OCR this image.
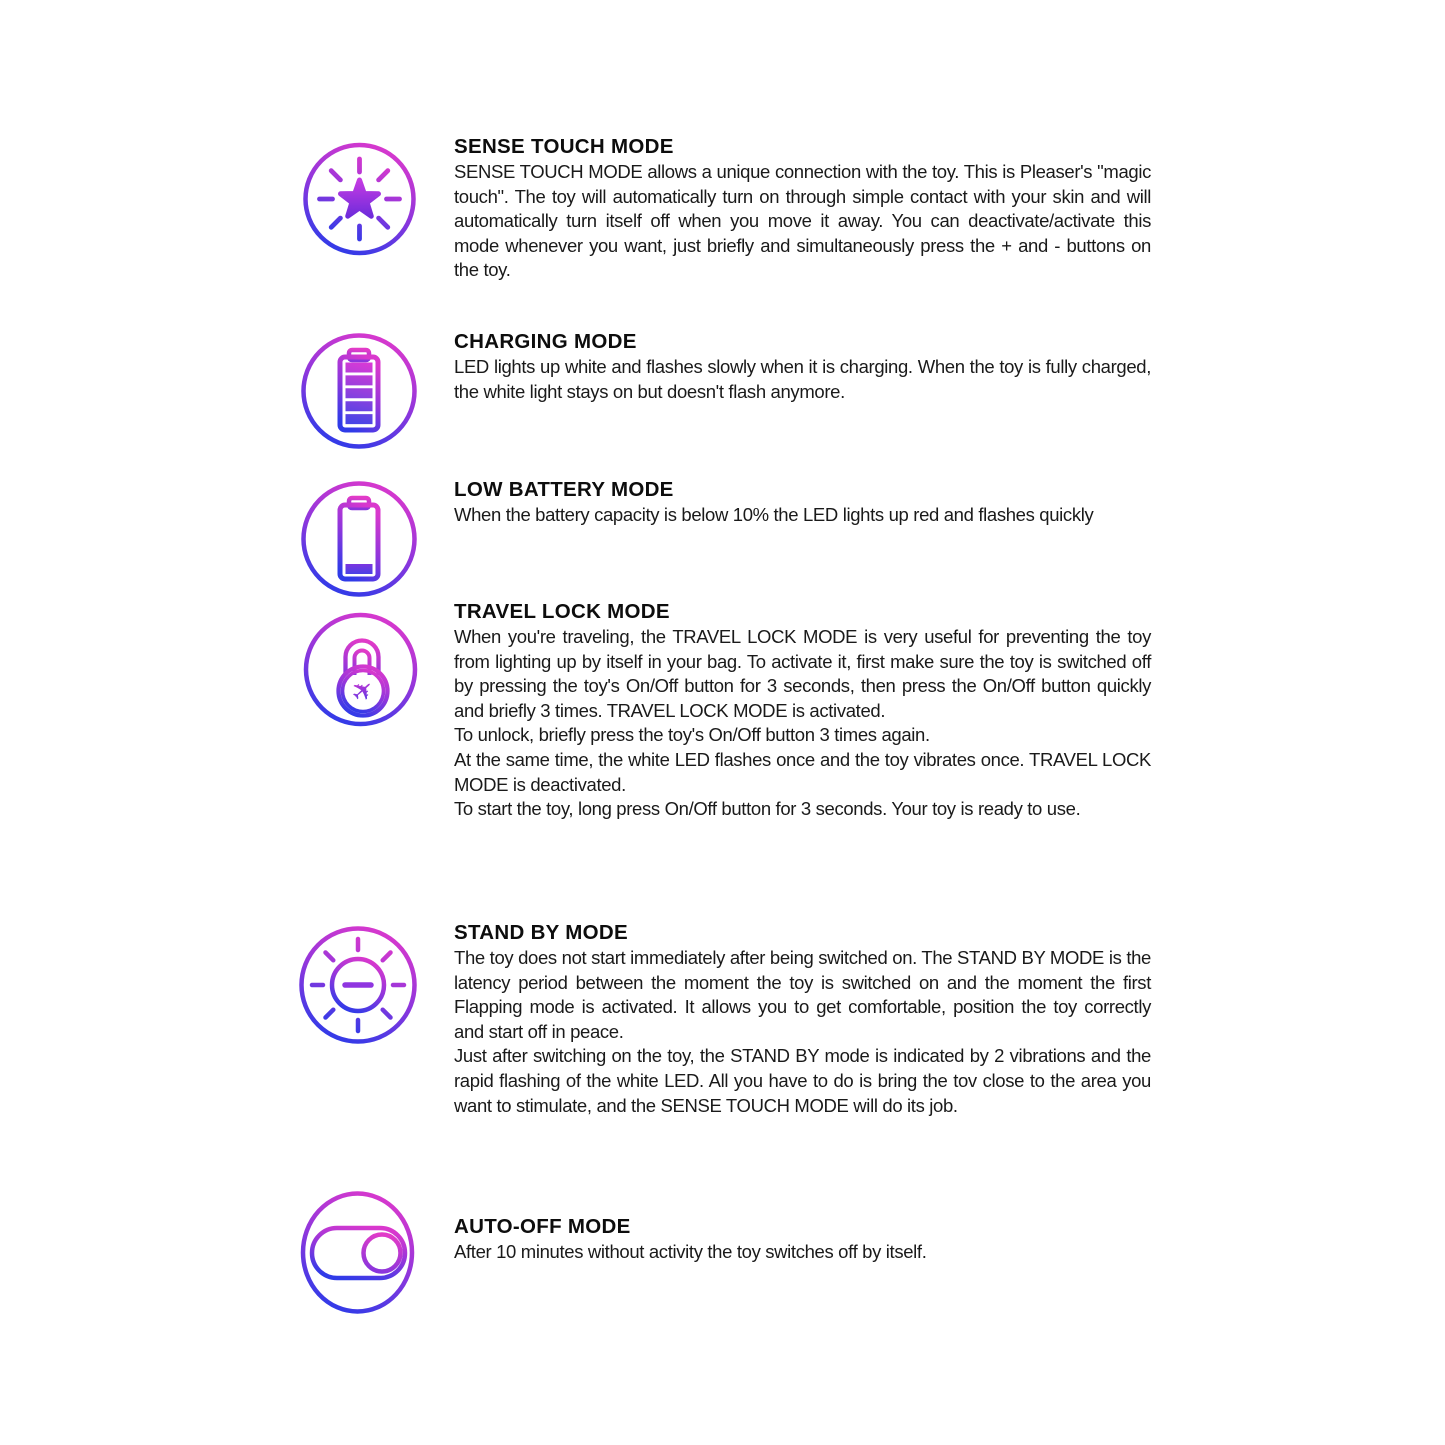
SENSE TOUCH MODE

SENSE TOUCH MODE allows a unique connection with the toy. This is Pleaser's "magic touch". The toy will automatically turn on through simple contact with your skin and will automatically turn itself off when you move it away. You can deactivate/activate this mode whenever you want, just briefly and simultaneously press the + and - buttons on the toy.

CHARGING MODE

LED lights up white and flashes slowly when it is charging. When the toy is fully charged, the white light stays on but doesn't flash anymore.

LOW BATTERY MODE

When the battery capacity is below 10% the LED lights up red and flashes quickly

✈
TRAVEL LOCK MODE

When you're traveling, the TRAVEL LOCK MODE is very useful for preventing the toy from lighting up by itself in your bag. To activate it, first make sure the toy is switched off by pressing the toy's On/Off button for 3 seconds, then press the On/Off button quickly and briefly 3 times. TRAVEL LOCK MODE is activated.

To unlock, briefly press the toy's On/Off button 3 times again.

At the same time, the white LED flashes once and the toy vibrates once. TRAVEL LOCK MODE is deactivated.

To start the toy, long press On/Off button for 3 seconds. Your toy is ready to use.

STAND BY MODE

The toy does not start immediately after being switched on. The STAND BY MODE is the latency period between the moment the toy is switched on and the moment the first Flapping mode is activated. It allows you to get comfortable, position the toy correctly and start off in peace.

Just after switching on the toy, the STAND BY mode is indicated by 2 vibrations and the rapid flashing of the white LED. All you have to do is bring the tov close to the area you want to stimulate, and the SENSE TOUCH MODE will do its job.

AUTO-OFF MODE

After 10 minutes without activity the toy switches off by itself.
